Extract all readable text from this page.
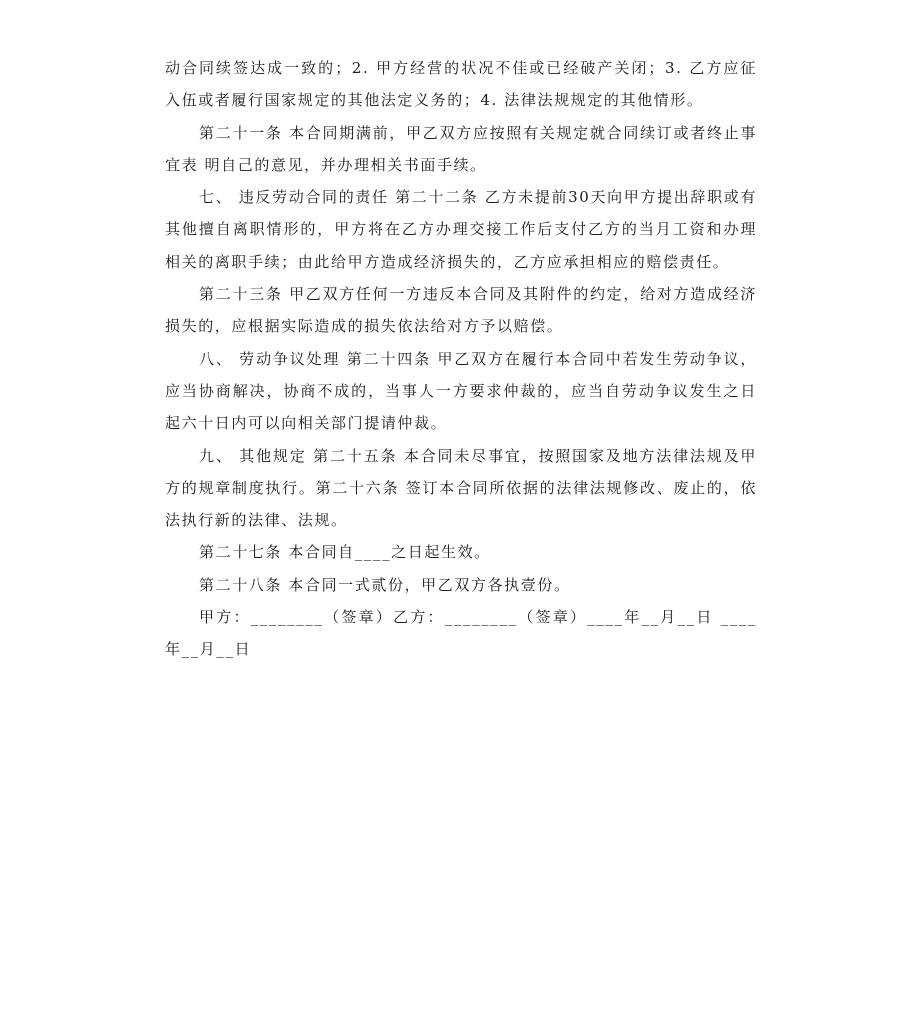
动合同续签达成一致的；2. 甲方经营的状况不佳或已经破产关闭；3. 乙方应征入伍或者履行国家规定的其他法定义务的；4. 法律法规规定的其他情形。

第二十一条 本合同期满前，甲乙双方应按照有关规定就合同续订或者终止事宜表 明自己的意见，并办理相关书面手续。

七、 违反劳动合同的责任 第二十二条 乙方未提前30天向甲方提出辞职或有其他擅自离职情形的，甲方将在乙方办理交接工作后支付乙方的当月工资和办理相关的离职手续；由此给甲方造成经济损失的，乙方应承担相应的赔偿责任。

第二十三条 甲乙双方任何一方违反本合同及其附件的约定，给对方造成经济损失的，应根据实际造成的损失依法给对方予以赔偿。

八、 劳动争议处理 第二十四条 甲乙双方在履行本合同中若发生劳动争议，应当协商解决，协商不成的，当事人一方要求仲裁的，应当自劳动争议发生之日起六十日内可以向相关部门提请仲裁。

九、 其他规定 第二十五条 本合同未尽事宜，按照国家及地方法律法规及甲方的规章制度执行。第二十六条 签订本合同所依据的法律法规修改、废止的，依法执行新的法律、法规。

第二十七条 本合同自____之日起生效。

第二十八条 本合同一式贰份，甲乙双方各执壹份。

甲方：________（签章）乙方：________（签章）____年__月__日 ____年__月__日
